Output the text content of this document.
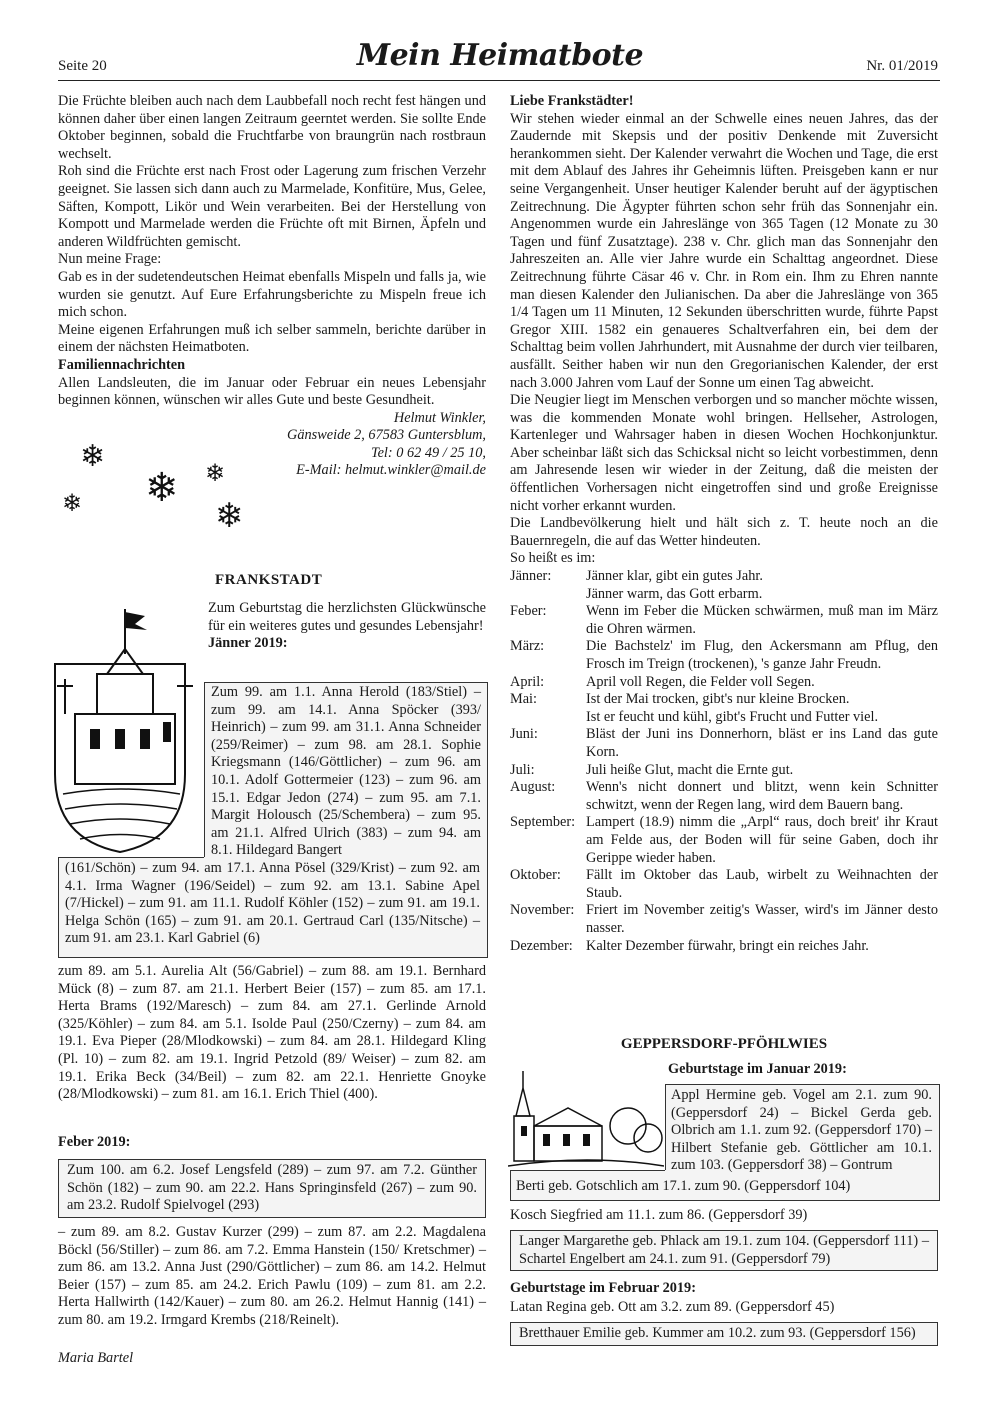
Seite 20	Mein Heimatbote	Nr. 01/2019

Die Früchte bleiben auch nach dem Laubbefall noch recht fest hängen und können daher über einen langen Zeitraum geerntet werden. Sie sollte Ende Oktober beginnen, sobald die Fruchtfarbe von braungrün nach rostbraun wechselt.

Roh sind die Früchte erst nach Frost oder Lagerung zum frischen Verzehr geeignet. Sie lassen sich dann auch zu Marmelade, Konfitüre, Mus, Gelee, Säften, Kompott, Likör und Wein verarbeiten. Bei der Herstellung von Kompott und Marmelade werden die Früchte oft mit Birnen, Äpfeln und anderen Wildfrüchten gemischt.

Nun meine Frage:

Gab es in der sudetendeutschen Heimat ebenfalls Mispeln und falls ja, wie wurden sie genutzt. Auf Eure Erfahrungsberichte zu Mispeln freue ich mich schon.

Meine eigenen Erfahrungen muß ich selber sammeln, berichte darüber in einem der nächsten Heimatboten.

Familiennachrichten

Allen Landsleuten, die im Januar oder Februar ein neues Lebensjahr beginnen können, wünschen wir alles Gute und beste Gesundheit.

Helmut Winkler,

Gänsweide 2, 67583 Guntersblum,

Tel: 0 62 49 / 25 10,

E-Mail: helmut.winkler@mail.de

❄
❄ ❄
❄	❄
FRANKSTADT

Zum Geburtstag die herzlichsten Glückwünsche für ein weiteres gutes und gesundes Lebensjahr!

Jänner 2019:

Zum 99. am 1.1. Anna Herold (183/Stiel) – zum 99. am 14.1. Anna Spöcker (393/ Heinrich) – zum 99. am 31.1. Anna Schneider (259/Reimer) – zum 98. am 28.1. Sophie Kriegsmann (146/Göttlicher) – zum 96. am 10.1. Adolf Gottermeier (123) – zum 96. am 15.1. Edgar Jedon (274) – zum 95. am 7.1. Margit Holousch (25/Schembera) – zum 95. am 21.1. Alfred Ulrich (383) – zum 94. am 8.1. Hildegard Bangert
(161/Schön) – zum 94. am 17.1. Anna Pösel (329/Krist) – zum 92. am 4.1. Irma Wagner (196/Seidel) – zum 92. am 13.1. Sabine Apel (7/Hickel) – zum 91. am 11.1. Rudolf Köhler (152) – zum 91. am 19.1. Helga Schön (165) – zum 91. am 20.1. Gertraud Carl (135/Nitsche) – zum 91. am 23.1. Karl Gabriel (6)
zum 89. am 5.1. Aurelia Alt (56/Gabriel) – zum 88. am 19.1. Bernhard Mück (8) – zum 87. am 21.1. Herbert Beier (157) – zum 85. am 17.1. Herta Brams (192/Maresch) – zum 84. am 27.1. Gerlinde Arnold (325/Köhler) – zum 84. am 5.1. Isolde Paul (250/Czerny) – zum 84. am 19.1. Eva Pieper (28/Mlodkowski) – zum 84. am 28.1. Hildegard Kling (Pl. 10) – zum 82. am 19.1. Ingrid Petzold (89/ Weiser) – zum 82. am 19.1. Erika Beck (34/Beil) – zum 82. am 22.1. Henriette Gnoyke (28/Mlodkowski) – zum 81. am 16.1. Erich Thiel (400).
Feber 2019:
Zum 100. am 6.2. Josef Lengsfeld (289) – zum 97. am 7.2. Günther Schön (182) – zum 90. am 22.2. Hans Springinsfeld (267) – zum 90. am 23.2. Rudolf Spielvogel (293)
– zum 89. am 8.2. Gustav Kurzer (299) – zum 87. am 2.2. Magdalena Böckl (56/Stiller) – zum 86. am 7.2. Emma Hanstein (150/ Kretschmer) – zum 86. am 13.2. Anna Just (290/Göttlicher) – zum 86. am 14.2. Helmut Beier (157) – zum 85. am 24.2. Erich Pawlu (109) – zum 81. am 2.2. Herta Hallwirth (142/Kauer) – zum 80. am 26.2. Helmut Hannig (141) – zum 80. am 19.2. Irmgard Krembs (218/Reinelt).
Maria Bartel

Liebe Frankstädter!

Wir stehen wieder einmal an der Schwelle eines neuen Jahres, das der Zaudernde mit Skepsis und der positiv Denkende mit Zuversicht herankommen sieht. Der Kalender verwahrt die Wochen und Tage, die erst mit dem Ablauf des Jahres ihr Geheimnis lüften. Preisgeben kann er nur seine Vergangenheit. Unser heutiger Kalender beruht auf der ägyptischen Zeitrechnung. Die Ägypter führten schon sehr früh das Sonnenjahr ein. Angenommen wurde ein Jahreslänge von 365 Tagen (12 Monate zu 30 Tagen und fünf Zusatztage). 238 v. Chr. glich man das Sonnenjahr den Jahreszeiten an. Alle vier Jahre wurde ein Schalttag angeordnet. Diese Zeitrechnung führte Cäsar 46 v. Chr. in Rom ein. Ihm zu Ehren nannte man diesen Kalender den Julianischen. Da aber die Jahreslänge von 365 1/4 Tagen um 11 Minuten, 12 Sekunden überschritten wurde, führte Papst Gregor XIII. 1582 ein genaueres Schaltverfahren ein, bei dem der Schalttag beim vollen Jahrhundert, mit Ausnahme der durch vier teilbaren, ausfällt. Seither haben wir nun den Gregorianischen Kalender, der erst nach 3.000 Jahren vom Lauf der Sonne um einen Tag abweicht.

Die Neugier liegt im Menschen verborgen und so mancher möchte wissen, was die kommenden Monate wohl bringen. Hellseher, Astrologen, Kartenleger und Wahrsager haben in diesen Wochen Hochkonjunktur. Aber scheinbar läßt sich das Schicksal nicht so leicht vorbestimmen, denn am Jahresende lesen wir wieder in der Zeitung, daß die meisten der öffentlichen Vorhersagen nicht eingetroffen sind und große Ereignisse nicht vorher erkannt wurden.

Die Landbevölkerung hielt und hält sich z. T. heute noch an die Bauernregeln, die auf das Wetter hindeuten.

So heißt es im:

Jänner:	Jänner klar, gibt ein gutes Jahr.
	Jänner warm, das Gott erbarm.
Feber:	Wenn im Feber die Mücken schwärmen, muß man im März die Ohren wärmen.
März:	Die Bachstelz' im Flug, den Ackersmann am Pflug, den Frosch im Treign (trockenen), 's ganze Jahr Freudn.
April:	April voll Regen, die Felder voll Segen.
Mai:	Ist der Mai trocken, gibt's nur kleine Brocken.
	Ist er feucht und kühl, gibt's Frucht und Futter viel.
Juni:	Bläst der Juni ins Donnerhorn, bläst er ins Land das gute Korn.
Juli:	Juli heiße Glut, macht die Ernte gut.
August:	Wenn's nicht donnert und blitzt, wenn kein Schnitter schwitzt, wenn der Regen lang, wird dem Bauern bang.
September:	Lampert (18.9) nimm die „Arpl“ raus, doch breit' ihr Kraut am Felde aus, der Boden will für seine Gaben, doch ihr Gerippe wieder haben.
Oktober:	Fällt im Oktober das Laub, wirbelt zu Weihnachten der Staub.
November:	Friert im November zeitig's Wasser, wird's im Jänner desto nasser.
Dezember:	Kalter Dezember fürwahr, bringt ein reiches Jahr.

GEPPERSDORF-PFÖHLWIES

Geburtstage im Januar 2019:
Appl Hermine geb. Vogel am 2.1. zum 90. (Geppersdorf 24) – Bickel Gerda geb. Olbrich am 1.1. zum 92. (Geppersdorf 170) – Hilbert Stefanie geb. Göttlicher am 10.1. zum 103. (Geppersdorf 38) – Gontrum
Berti geb. Gotschlich am 17.1. zum 90. (Geppersdorf 104)
Kosch Siegfried am 11.1. zum 86. (Geppersdorf 39)
Langer Margarethe geb. Phlack am 19.1. zum 104. (Geppersdorf 111) – Schartel Engelbert am 24.1. zum 91. (Geppersdorf 79)
Geburtstage im Februar 2019:
Latan Regina geb. Ott am 3.2. zum 89. (Geppersdorf 45)
Bretthauer Emilie geb. Kummer am 10.2. zum 93. (Geppersdorf 156)
